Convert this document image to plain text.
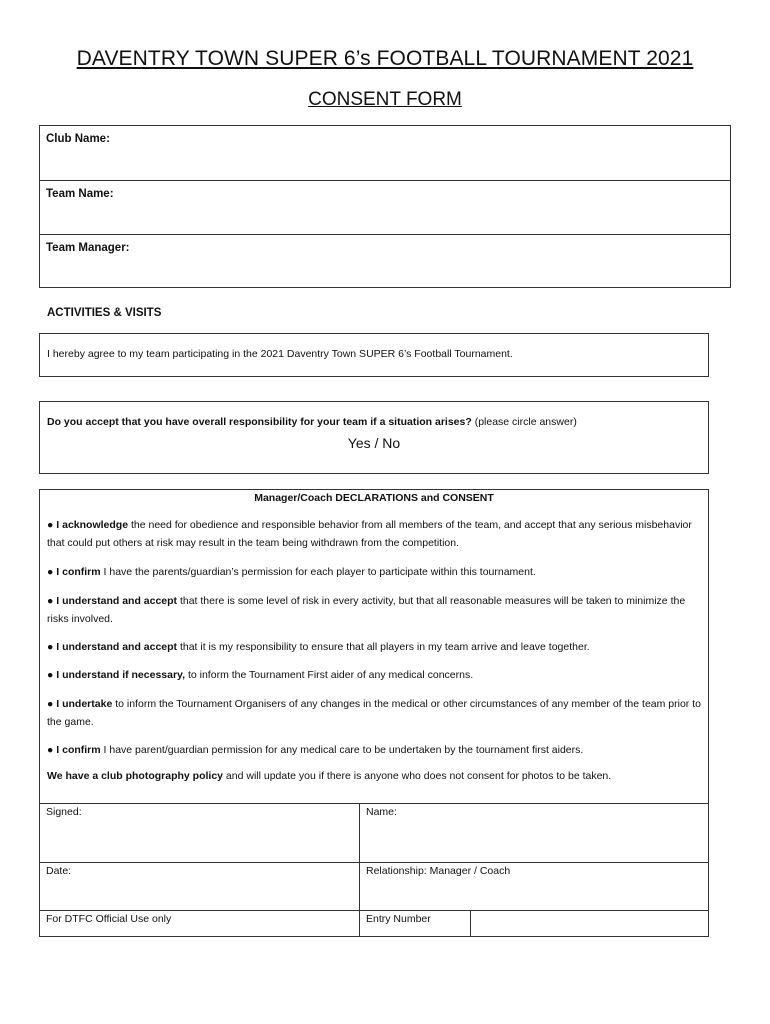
DAVENTRY TOWN SUPER 6’s FOOTBALL TOURNAMENT 2021
CONSENT FORM
Club Name:
Team Name:
Team Manager:
ACTIVITIES & VISITS
I hereby agree to my team participating in the 2021 Daventry Town SUPER 6’s Football Tournament.
Do you accept that you have overall responsibility for your team if a situation arises? (please circle answer)
Yes / No
Manager/Coach DECLARATIONS and CONSENT
● I acknowledge the need for obedience and responsible behavior from all members of the team, and accept that any serious misbehavior that could put others at risk may result in the team being withdrawn from the competition.
● I confirm I have the parents/guardian’s permission for each player to participate within this tournament.
● I understand and accept that there is some level of risk in every activity, but that all reasonable measures will be taken to minimize the risks involved.
● I understand and accept that it is my responsibility to ensure that all players in my team arrive and leave together.
● I understand if necessary, to inform the Tournament First aider of any medical concerns.
● I undertake to inform the Tournament Organisers of any changes in the medical or other circumstances of any member of the team prior to the game.
● I confirm I have parent/guardian permission for any medical care to be undertaken by the tournament first aiders.
We have a club photography policy and will update you if there is anyone who does not consent for photos to be taken.
Signed:	Name:
Date:	Relationship: Manager / Coach
For DTFC Official Use only	Entry Number
